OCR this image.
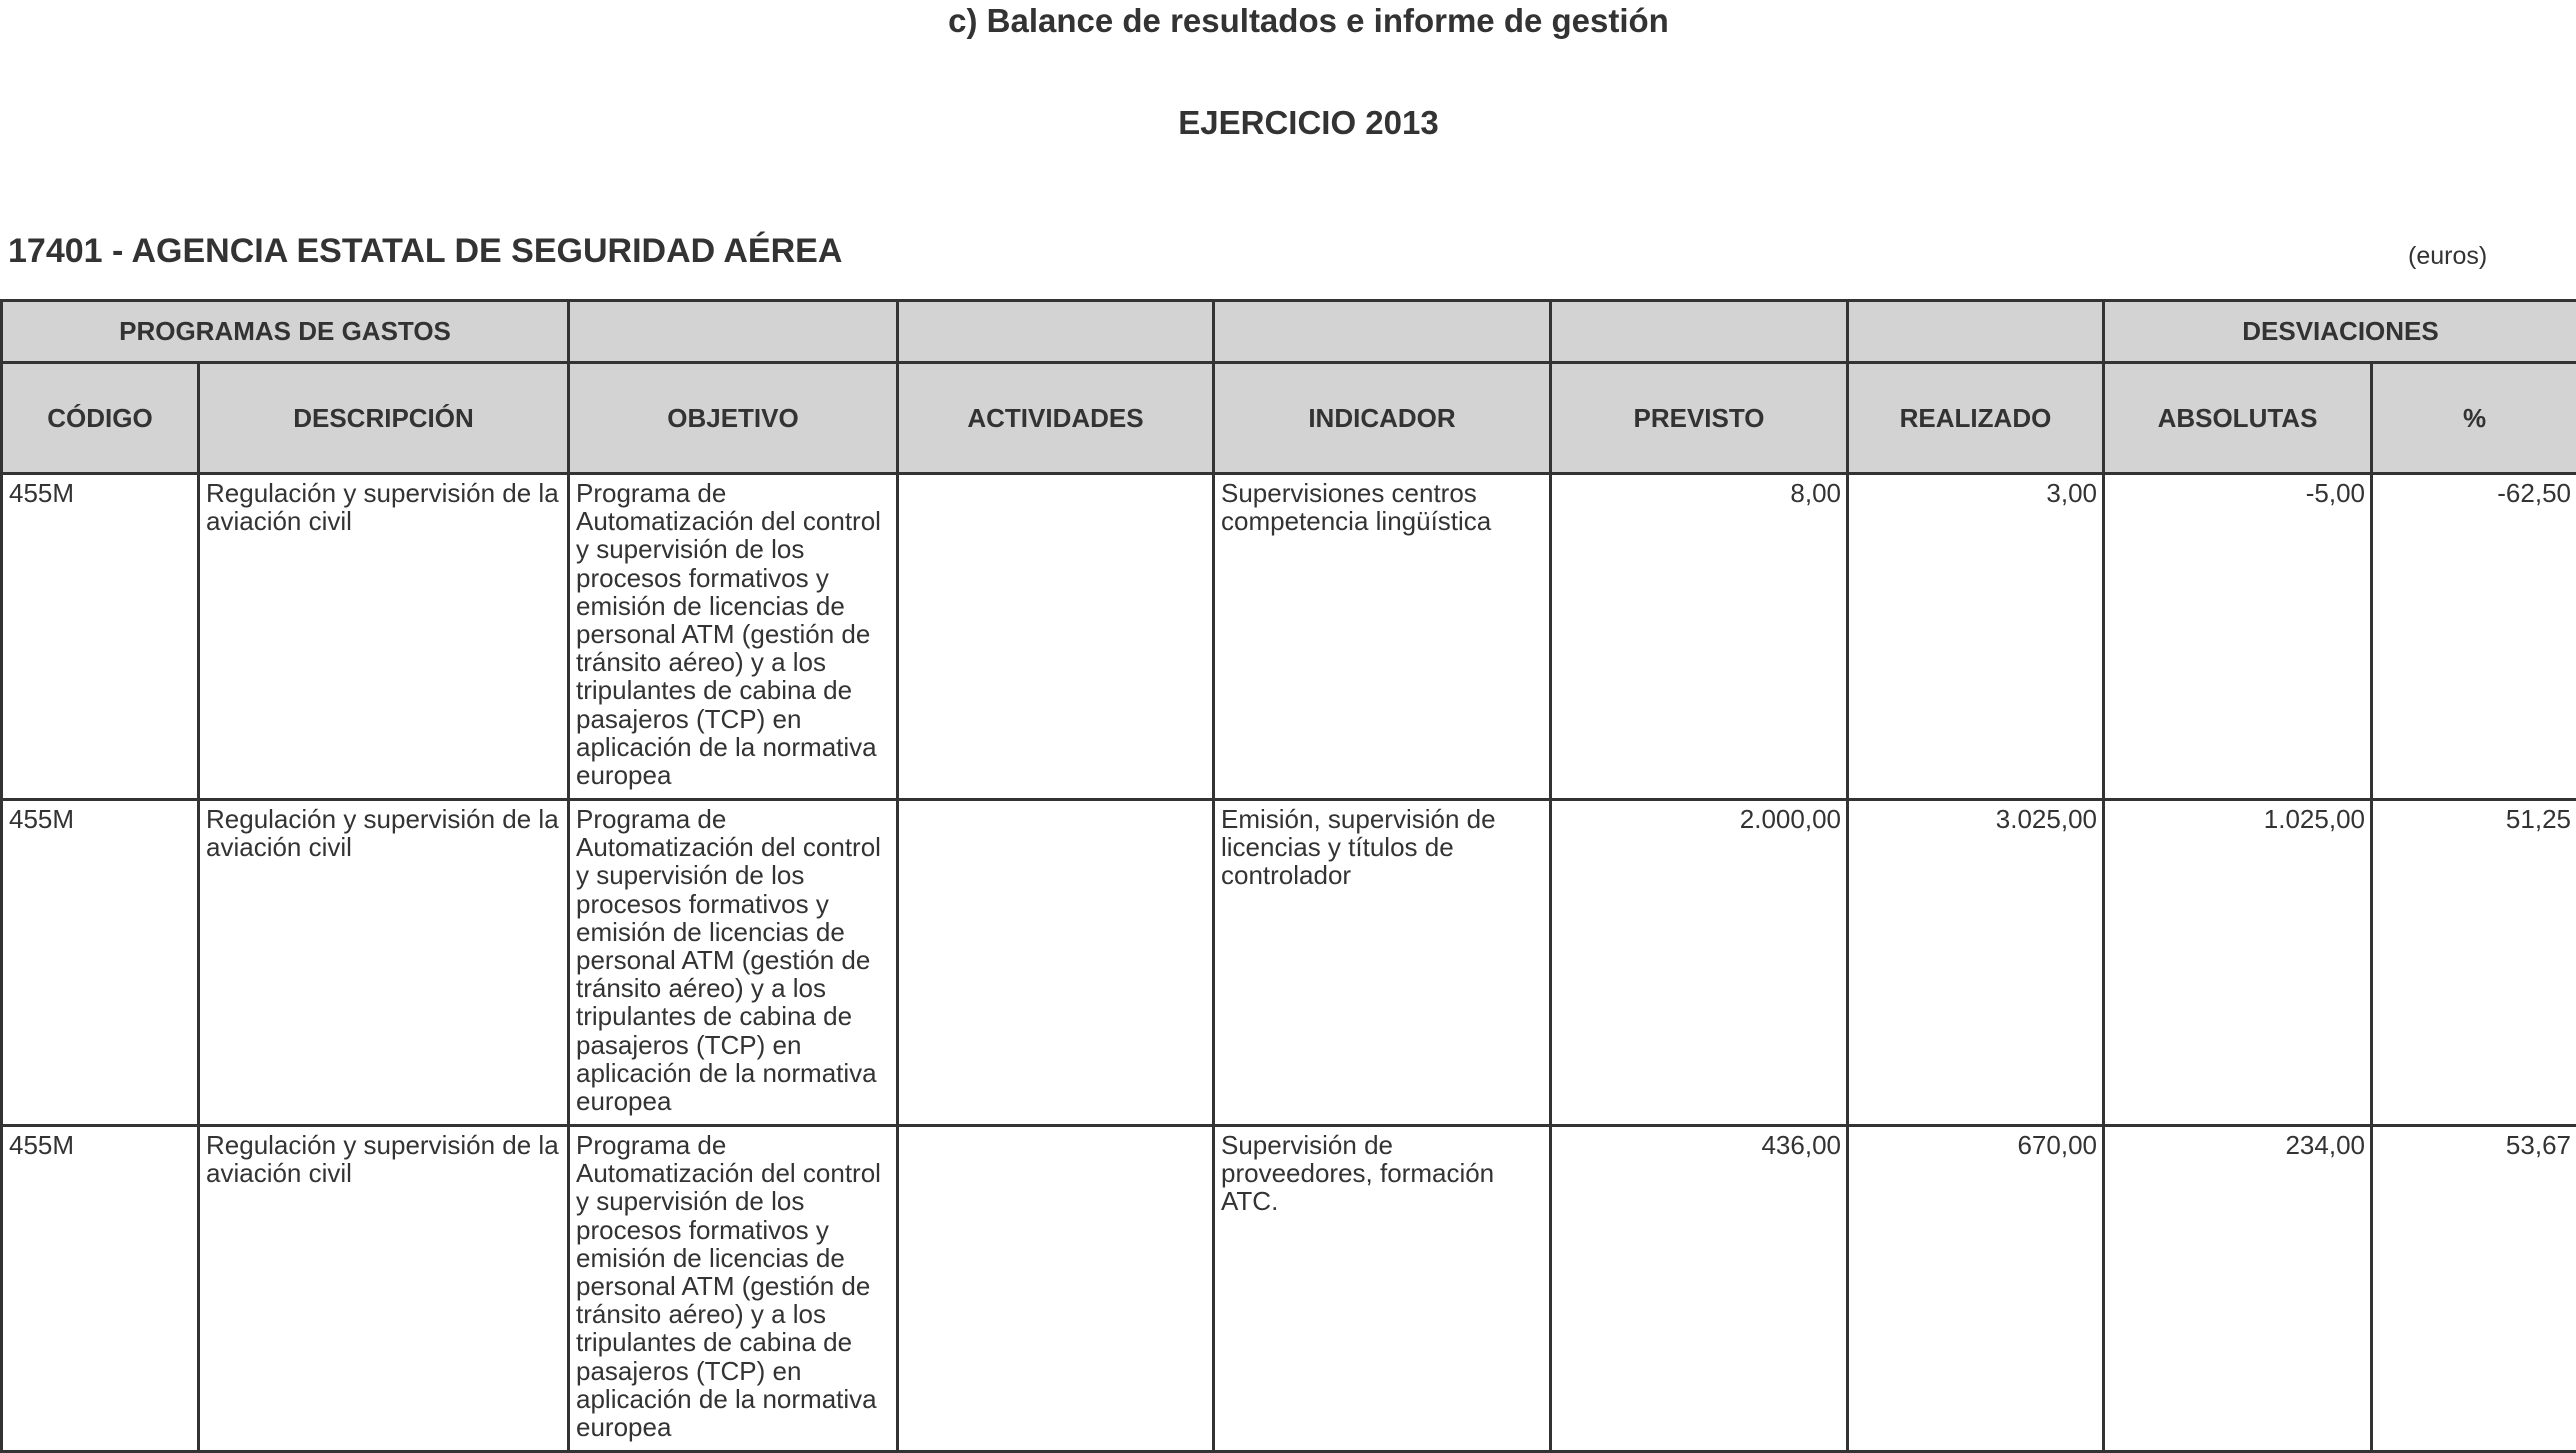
c) Balance de resultados e informe de gestión
EJERCICIO 2013
17401 - AGENCIA ESTATAL DE SEGURIDAD AÉREA	(euros)
PROGRAMAS DE GASTOS							DESVIACIONES	
CÓDIGO	DESCRIPCIÓN	OBJETIVO	ACTIVIDADES	INDICADOR	PREVISTO	REALIZADO	ABSOLUTAS	%
455M	Regulación y supervisión de la aviación civil	Programa de Automatización del control y supervisión de los procesos formativos y emisión de licencias de personal ATM (gestión de tránsito aéreo) y a los tripulantes de cabina de pasajeros (TCP) en aplicación de la normativa europea		Supervisiones centros competencia lingüística	8,00	3,00	-5,00	-62,50
455M	Regulación y supervisión de la aviación civil	Programa de Automatización del control y supervisión de los procesos formativos y emisión de licencias de personal ATM (gestión de tránsito aéreo) y a los tripulantes de cabina de pasajeros (TCP) en aplicación de la normativa europea		Emisión, supervisión de licencias y títulos de controlador	2.000,00	3.025,00	1.025,00	51,25
455M	Regulación y supervisión de la aviación civil	Programa de Automatización del control y supervisión de los procesos formativos y emisión de licencias de personal ATM (gestión de tránsito aéreo) y a los tripulantes de cabina de pasajeros (TCP) en aplicación de la normativa europea		Supervisión de proveedores, formación ATC.	436,00	670,00	234,00	53,67
